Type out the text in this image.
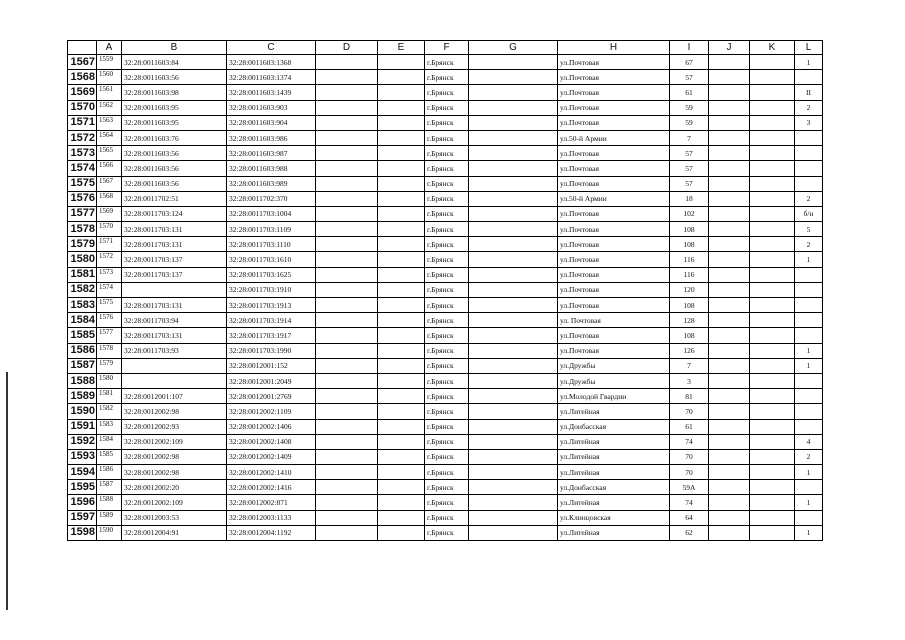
	A	B	C	D	E	F	G	H	I	J	K	L
1567	1559	32:28:0011603:84	32:28:0011603:1368			г.Брянск		ул.Почтовая	67			1
1568	1560	32:28:0011603:56	32:28:0011603:1374			г.Брянск		ул.Почтовая	57			
1569	1561	32:28:0011603:98	32:28:0011603:1439			г.Брянск		ул.Почтовая	61			II
1570	1562	32:28:0011603:95	32:28:0011603:903			г.Брянск		ул.Почтовая	59			2
1571	1563	32:28:0011603:95	32:28:0011603:904			г.Брянск		ул.Почтовая	59			3
1572	1564	32:28:0011603:76	32:28:0011603:986			г.Брянск		ул.50-й Армии	7			
1573	1565	32:28:0011603:56	32:28:0011603:987			г.Брянск		ул.Почтовая	57			
1574	1566	32:28:0011603:56	32:28:0011603:988			г.Брянск		ул.Почтовая	57			
1575	1567	32:28:0011603:56	32:28:0011603:989			г.Брянск		ул.Почтовая	57			
1576	1568	32:28:0011702:51	32:28:0011702:370			г.Брянск		ул.50-й Армии	18			2
1577	1569	32:28:0011703:124	32:28:0011703:1004			г.Брянск		ул.Почтовая	102			б/н
1578	1570	32:28:0011703:131	32:28:0011703:1109			г.Брянск		ул.Почтовая	108			5
1579	1571	32:28:0011703:131	32:28:0011703:1110			г.Брянск		ул.Почтовая	108			2
1580	1572	32:28:0011703:137	32:28:0011703:1610			г.Брянск		ул.Почтовая	116			1
1581	1573	32:28:0011703:137	32:28:0011703:1625			г.Брянск		ул.Почтовая	116			
1582	1574		32:28:0011703:1910			г.Брянск		ул.Почтовая	120			
1583	1575	32:28:0011703:131	32:28:0011703:1913			г.Брянск		ул.Почтовая	108			
1584	1576	32:28:0011703:94	32:28:0011703:1914			г.Брянск		ул. Почтовая	128			
1585	1577	32:28:0011703:131	32:28:0011703:1917			г.Брянск		ул.Почтовая	108			
1586	1578	32:28:0011703:93	32:28:0011703:1990			г.Брянск		ул.Почтовая	126			1
1587	1579		32:28:0012001:152			г.Брянск		ул.Дружбы	7			1
1588	1580		32:28:0012001:2049			г.Брянск		ул.Дружбы	3			
1589	1581	32:28:0012001:107	32:28:0012001:2769			г.Брянск		ул.Молодой Гвардии	81			
1590	1582	32:28:0012002:98	32:28:0012002:1109			г.Брянск		ул.Литейная	70			
1591	1583	32:28:0012002:93	32:28:0012002:1406			г.Брянск		ул.Донбасская	61			
1592	1584	32:28:0012002:109	32:28:0012002:1408			г.Брянск		ул.Литейная	74			4
1593	1585	32:28:0012002:98	32:28:0012002:1409			г.Брянск		ул.Литейная	70			2
1594	1586	32:28:0012002:98	32:28:0012002:1410			г.Брянск		ул.Литейная	70			1
1595	1587	32:28:0012002:20	32:28:0012002:1416			г.Брянск		ул.Донбасская	59А			
1596	1588	32:28:0012002:109	32:28:0012002:871			г.Брянск		ул.Литейная	74			1
1597	1589	32:28:0012003:53	32:28:0012003:1133			г.Брянск		ул.Клинцовская	64			
1598	1590	32:28:0012004:91	32:28:0012004:1192			г.Брянск		ул.Литейная	62			1
